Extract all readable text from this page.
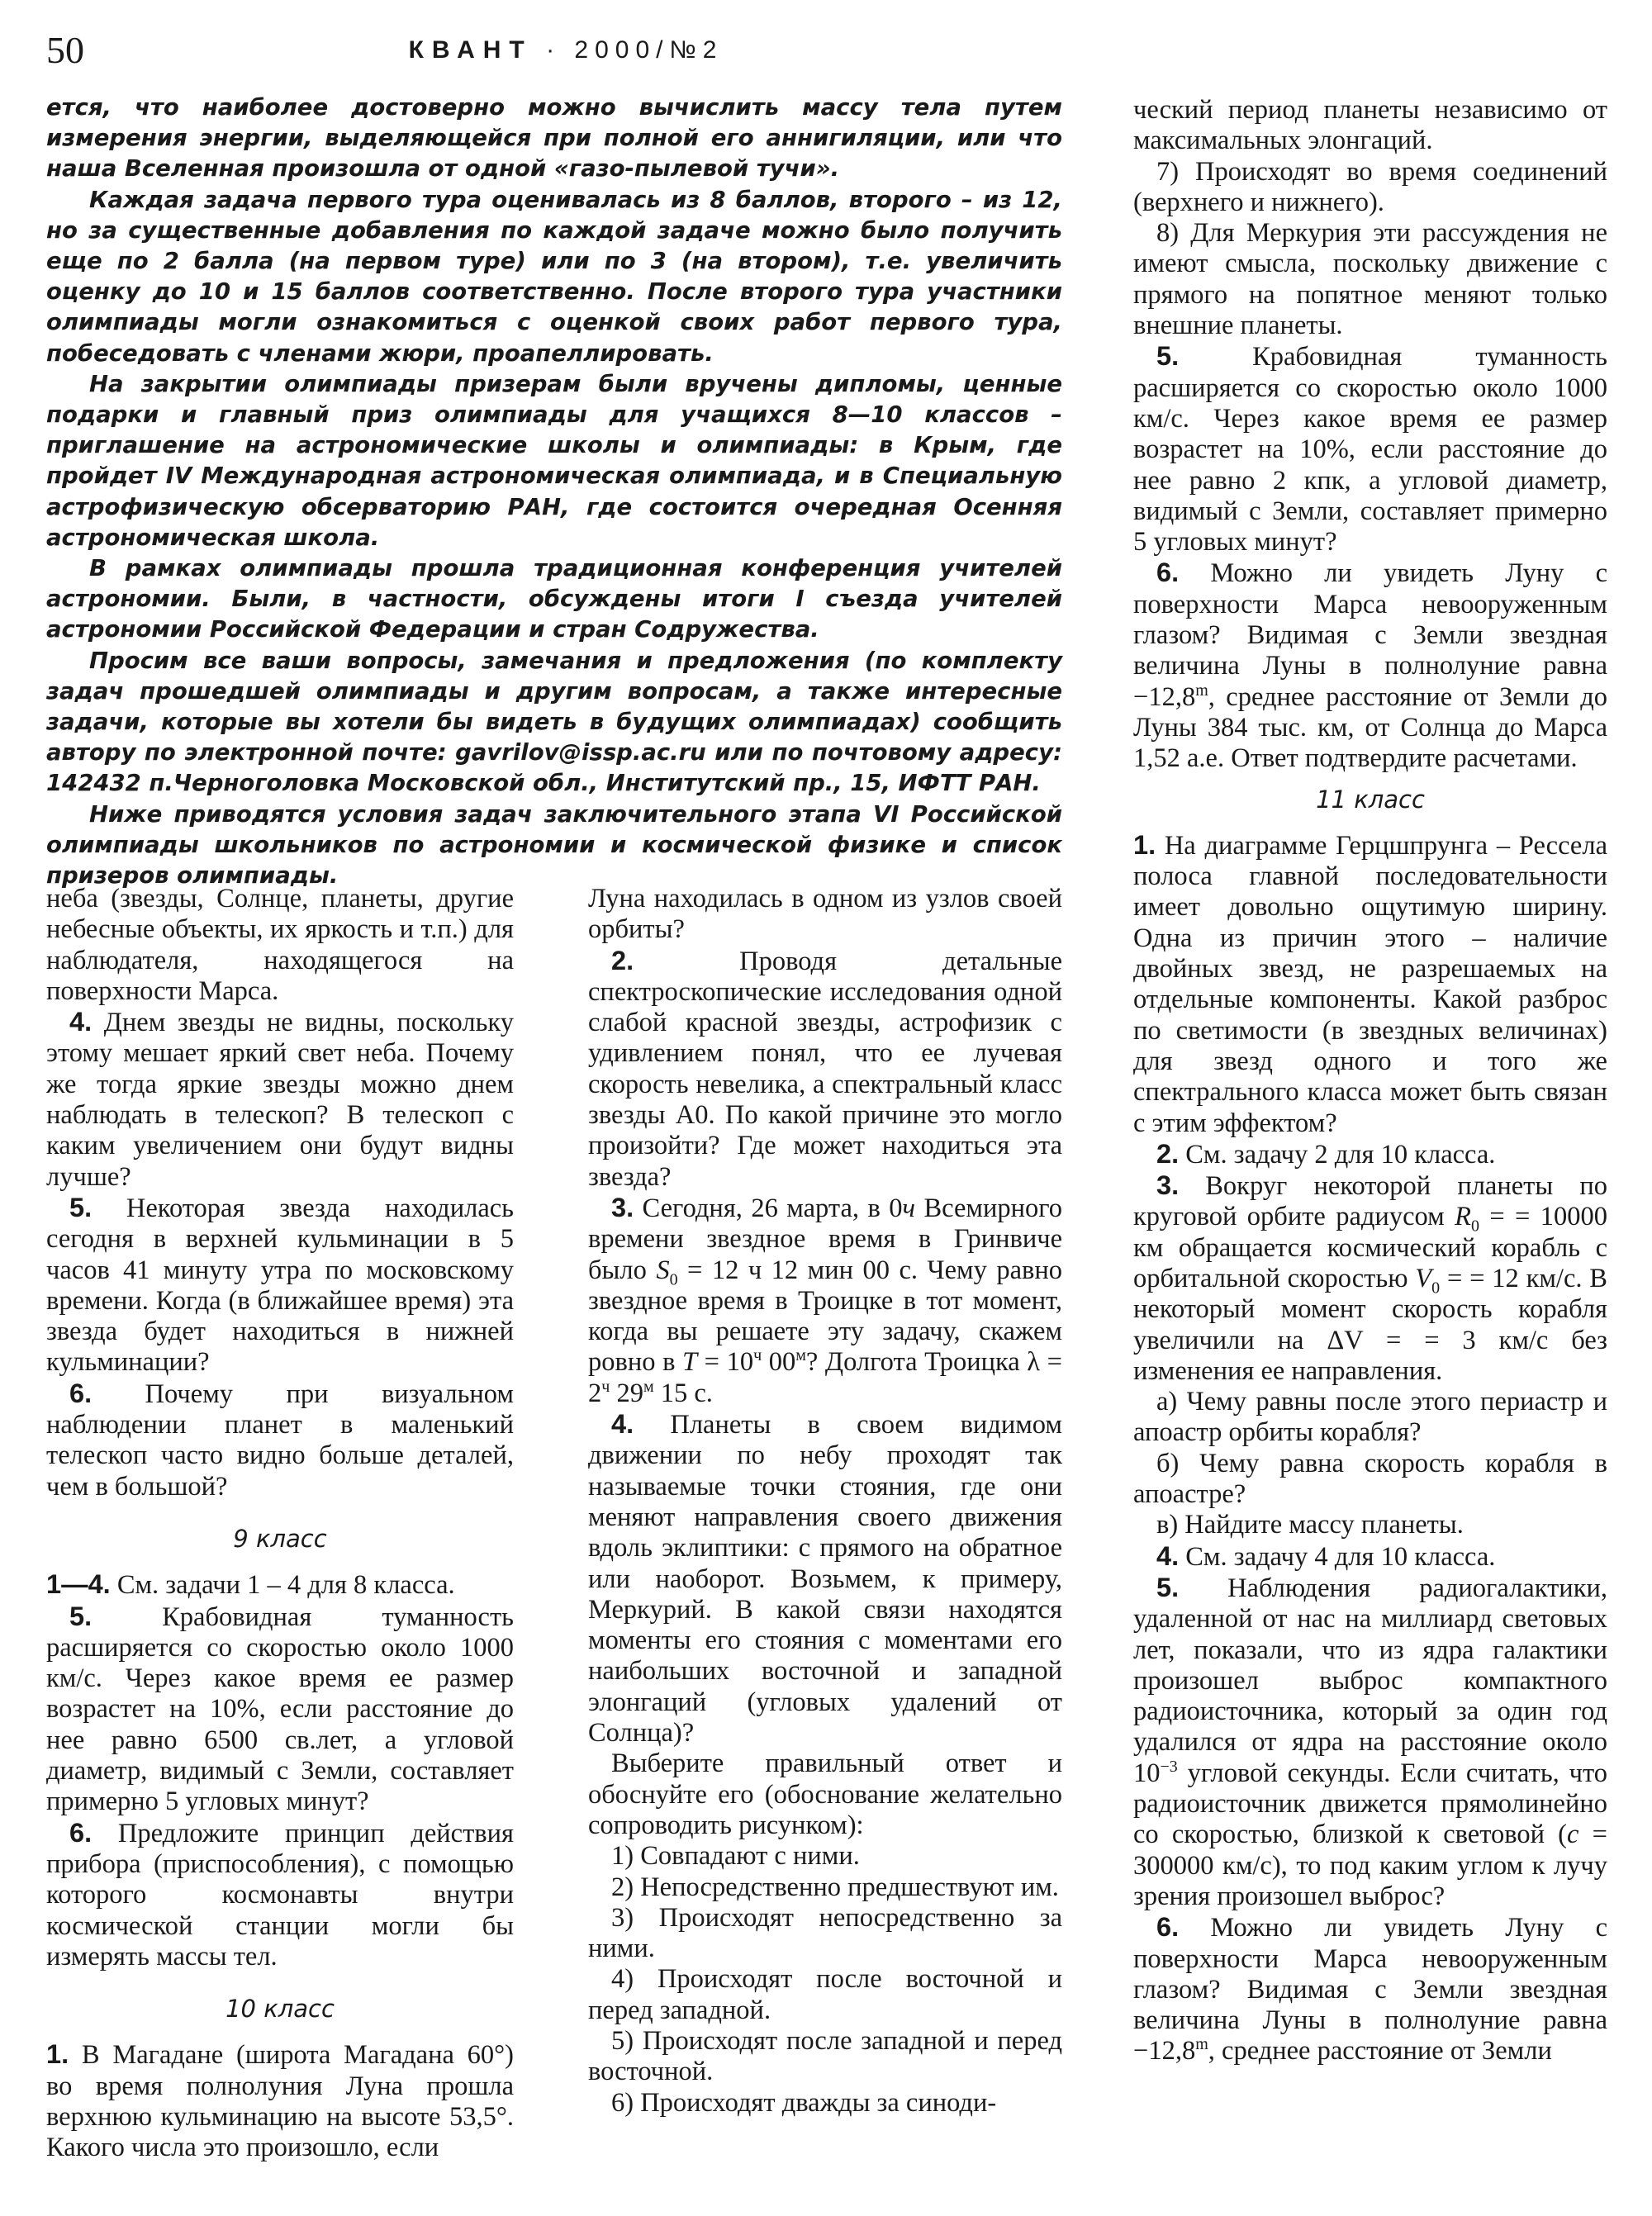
50	КВАНТ · 2000/№2

ется, что наиболее достоверно можно вычислить массу тела путем измерения энергии, выделяющейся при полной его аннигиляции, или что наша Вселенная произошла от одной «газо-пылевой тучи».

Каждая задача первого тура оценивалась из 8 баллов, второго – из 12, но за существенные добавления по каждой задаче можно было получить еще по 2 балла (на первом туре) или по 3 (на втором), т.е. увеличить оценку до 10 и 15 баллов соответственно. После второго тура участники олимпиады могли ознакомиться с оценкой своих работ первого тура, побеседовать с членами жюри, проапеллировать.

На закрытии олимпиады призерам были вручены дипломы, ценные подарки и главный приз олимпиады для учащихся 8—10 классов – приглашение на астрономические школы и олимпиады: в Крым, где пройдет IV Международная астрономическая олимпиада, и в Специальную астрофизическую обсерваторию РАН, где состоится очередная Осенняя астрономическая школа.

В рамках олимпиады прошла традиционная конференция учителей астрономии. Были, в частности, обсуждены итоги I съезда учителей астрономии Российской Федерации и стран Содружества.

Просим все ваши вопросы, замечания и предложения (по комплекту задач прошедшей олимпиады и другим вопросам, а также интересные задачи, которые вы хотели бы видеть в будущих олимпиадах) сообщить автору по электронной почте: gavrilov@issp.ac.ru или по почтовому адресу: 142432 п.Черноголовка Московской обл., Институтский пр., 15, ИФТТ РАН.

Ниже приводятся условия задач заключительного этапа VI Российской олимпиады школьников по астрономии и космической физике и список призеров олимпиады.

неба (звезды, Солнце, планеты, другие небесные объекты, их яркость и т.п.) для наблюдателя, находящегося на поверхности Марса.

4. Днем звезды не видны, поскольку этому мешает яркий свет неба. Почему же тогда яркие звезды можно днем наблюдать в телескоп? В телескоп с каким увеличением они будут видны лучше?

5. Некоторая звезда находилась сегодня в верхней кульминации в 5 часов 41 минуту утра по московскому времени. Когда (в ближайшее время) эта звезда будет находиться в нижней кульминации?

6. Почему при визуальном наблюдении планет в маленький телескоп часто видно больше деталей, чем в большой?

9 класс

1—4. См. задачи 1 – 4 для 8 класса.

5. Крабовидная туманность расширяется со скоростью около 1000 км/с. Через какое время ее размер возрастет на 10%, если расстояние до нее равно 6500 св.лет, а угловой диаметр, видимый с Земли, составляет примерно 5 угловых минут?

6. Предложите принцип действия прибора (приспособления), с помощью которого космонавты внутри космической станции могли бы измерять массы тел.

10 класс

1. В Магадане (широта Магадана 60°) во время полнолуния Луна прошла верхнюю кульминацию на высоте 53,5°. Какого числа это произошло, если

Луна находилась в одном из узлов своей орбиты?

2. Проводя детальные спектроскопические исследования одной слабой красной звезды, астрофизик с удивлением понял, что ее лучевая скорость невелика, а спектральный класс звезды А0. По какой причине это могло произойти? Где может находиться эта звезда?

3. Сегодня, 26 марта, в 0ч Всемирного времени звездное время в Гринвиче было $S_0 = 12$ ч 12 мин 00 с. Чему равно звездное время в Троицке в тот момент, когда вы решаете эту задачу, скажем ровно в $T = 10^ч$ $00^м$? Долгота Троицка $\lambda = 2^ч$ $29^м$ 15 с.

4. Планеты в своем видимом движении по небу проходят так называемые точки стояния, где они меняют направления своего движения вдоль эклиптики: с прямого на обратное или наоборот. Возьмем, к примеру, Меркурий. В какой связи находятся моменты его стояния с моментами его наибольших восточной и западной элонгаций (угловых удалений от Солнца)?

Выберите правильный ответ и обоснуйте его (обоснование желательно сопроводить рисунком):

1) Совпадают с ними.

2) Непосредственно предшествуют им.

3) Происходят непосредственно за ними.

4) Происходят после восточной и перед западной.

5) Происходят после западной и перед восточной.

6) Происходят дважды за синоди-

ческий период планеты независимо от максимальных элонгаций.

7) Происходят во время соединений (верхнего и нижнего).

8) Для Меркурия эти рассуждения не имеют смысла, поскольку движение с прямого на попятное меняют только внешние планеты.

5. Крабовидная туманность расширяется со скоростью около 1000 км/с. Через какое время ее размер возрастет на 10%, если расстояние до нее равно 2 кпк, а угловой диаметр, видимый с Земли, составляет примерно 5 угловых минут?

6. Можно ли увидеть Луну с поверхности Марса невооруженным глазом? Видимая с Земли звездная величина Луны в полнолуние равна $-12,8^m$, среднее расстояние от Земли до Луны 384 тыс. км, от Солнца до Марса 1,52 а.е. Ответ подтвердите расчетами.

11 класс

1. На диаграмме Герцшпрунга – Рессела полоса главной последовательности имеет довольно ощутимую ширину. Одна из причин этого – наличие двойных звезд, не разрешаемых на отдельные компоненты. Какой разброс по светимости (в звездных величинах) для звезд одного и того же спектрального класса может быть связан с этим эффектом?

2. См. задачу 2 для 10 класса.

3. Вокруг некоторой планеты по круговой орбите радиусом $R_0$ = = 10000 км обращается космический корабль с орбитальной скоростью $V_0$ = = 12 км/с. В некоторый момент скорость корабля увеличили на ΔV = = 3 км/с без изменения ее направления.

а) Чему равны после этого периастр и апоастр орбиты корабля?

б) Чему равна скорость корабля в апоастре?

в) Найдите массу планеты.

4. См. задачу 4 для 10 класса.

5. Наблюдения радиогалактики, удаленной от нас на миллиард световых лет, показали, что из ядра галактики произошел выброс компактного радиоисточника, который за один год удалился от ядра на расстояние около $10^{-3}$ угловой секунды. Если считать, что радиоисточник движется прямолинейно со скоростью, близкой к световой (c = 300000 км/с), то под каким углом к лучу зрения произошел выброс?

6. Можно ли увидеть Луну с поверхности Марса невооруженным глазом? Видимая с Земли звездная величина Луны в полнолуние равна $-12,8^m$, среднее расстояние от Земли
